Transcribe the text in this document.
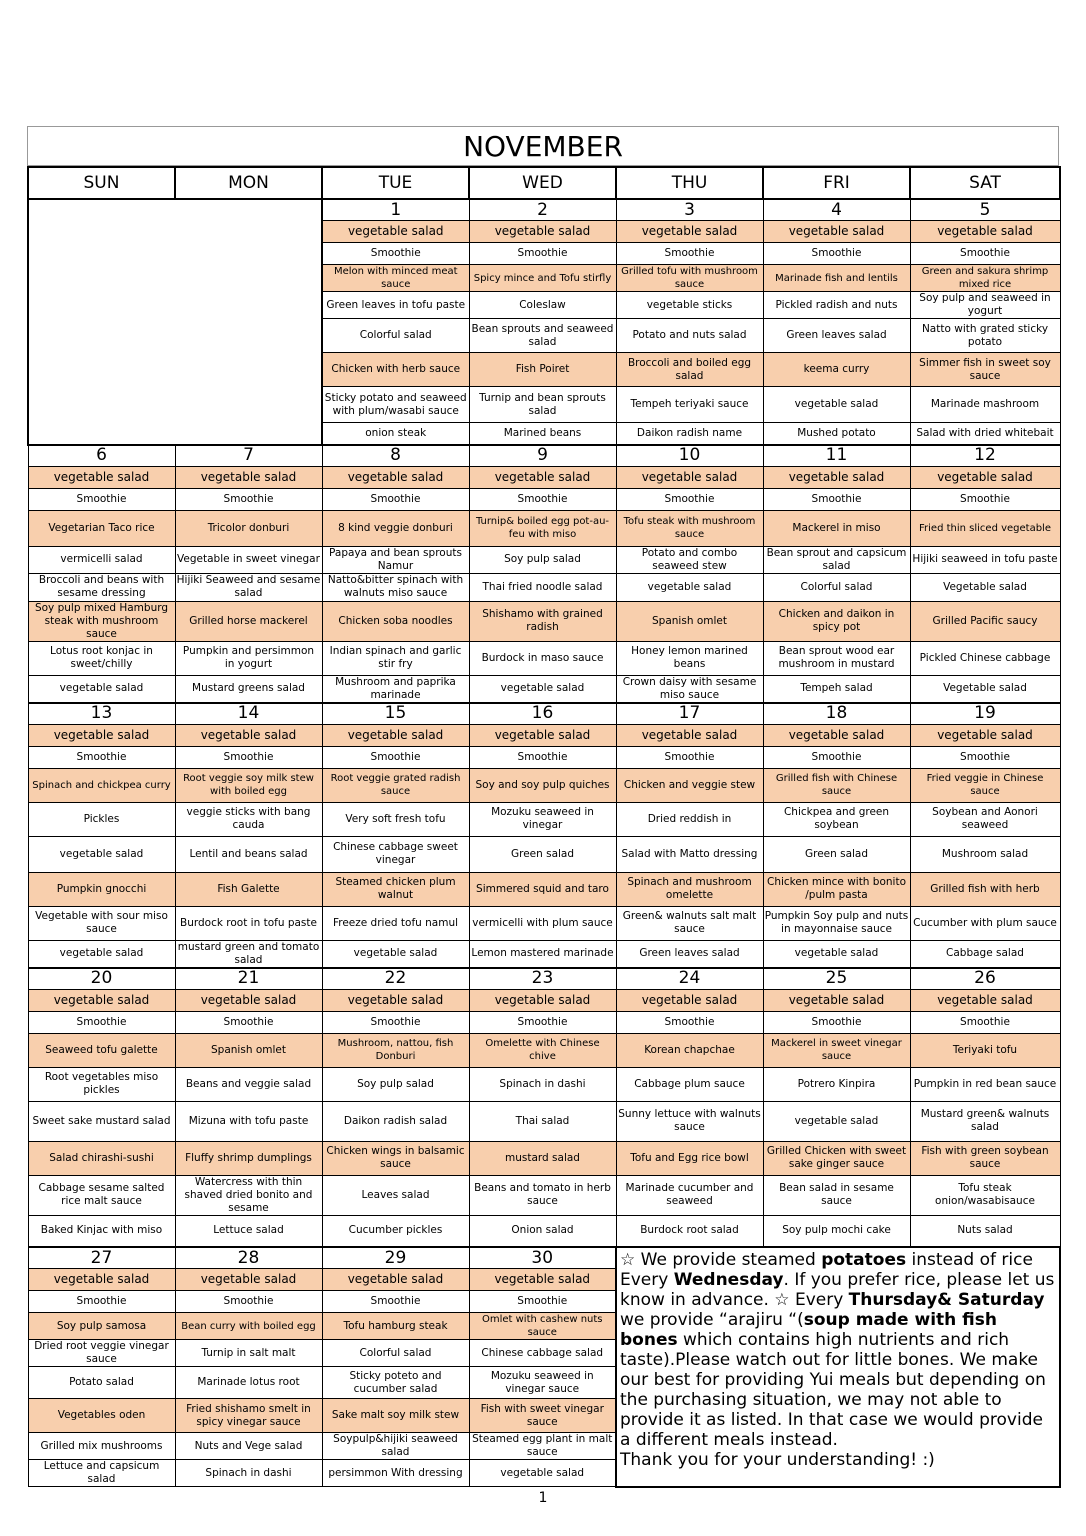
NOVEMBER
SUN	MON	TUE	WED	THU	FRI	SAT
		1	2	3	4	5
		vegetable salad	vegetable salad	vegetable salad	vegetable salad	vegetable salad
		Smoothie	Smoothie	Smoothie	Smoothie	Smoothie
		Melon with minced meat sauce	Spicy mince and Tofu stirfly	Grilled tofu with mushroom sauce	Marinade fish and lentils	Green and sakura shrimp mixed rice
		Green leaves in tofu paste	Coleslaw	vegetable sticks	Pickled radish and nuts	Soy pulp and seaweed in yogurt
		Colorful salad	Bean sprouts and seaweed salad	Potato and nuts salad	Green leaves salad	Natto with grated sticky potato
		Chicken with herb sauce	Fish Poiret	Broccoli and boiled egg salad	keema curry	Simmer fish in sweet soy sauce
		Sticky potato and seaweed with plum/wasabi sauce	Turnip and bean sprouts salad	Tempeh teriyaki sauce	vegetable salad	Marinade mashroom
		onion steak	Marined beans	Daikon radish name	Mushed potato	Salad with dried whitebait
6	7	8	9	10	11	12
vegetable salad	vegetable salad	vegetable salad	vegetable salad	vegetable salad	vegetable salad	vegetable salad
Smoothie	Smoothie	Smoothie	Smoothie	Smoothie	Smoothie	Smoothie
Vegetarian Taco rice	Tricolor donburi	8 kind veggie donburi	Turnip& boiled egg pot-au-feu with miso	Tofu steak with mushroom sauce	Mackerel in miso	Fried thin sliced vegetable
vermicelli salad	Vegetable in sweet vinegar	Papaya and bean sprouts Namur	Soy pulp salad	Potato and combo seaweed stew	Bean sprout and capsicum salad	Hijiki seaweed in tofu paste
Broccoli and beans with sesame dressing	Hijiki Seaweed and sesame salad	Natto&bitter spinach with walnuts miso sauce	Thai fried noodle salad	vegetable salad	Colorful salad	Vegetable salad
Soy pulp mixed Hamburg steak with mushroom sauce	Grilled horse mackerel	Chicken soba noodles	Shishamo with grained radish	Spanish omlet	Chicken and daikon in spicy pot	Grilled Pacific saucy
Lotus root konjac in sweet/chilly	Pumpkin and persimmon in yogurt	Indian spinach and garlic stir fry	Burdock in maso sauce	Honey lemon marined beans	Bean sprout wood ear mushroom in mustard	Pickled Chinese cabbage
vegetable salad	Mustard greens salad	Mushroom and paprika marinade	vegetable salad	Crown daisy with sesame miso sauce	Tempeh salad	Vegetable salad
13	14	15	16	17	18	19
vegetable salad	vegetable salad	vegetable salad	vegetable salad	vegetable salad	vegetable salad	vegetable salad
Smoothie	Smoothie	Smoothie	Smoothie	Smoothie	Smoothie	Smoothie
Spinach and chickpea curry	Root veggie soy milk stew with boiled egg	Root veggie grated radish sauce	Soy and soy pulp quiches	Chicken and veggie stew	Grilled fish with Chinese sauce	Fried veggie in Chinese sauce
Pickles	veggie sticks with bang cauda	Very soft fresh tofu	Mozuku seaweed in vinegar	Dried reddish in	Chickpea and green soybean	Soybean and Aonori seaweed
vegetable salad	Lentil and beans salad	Chinese cabbage sweet vinegar	Green salad	Salad with Matto dressing	Green salad	Mushroom salad
Pumpkin gnocchi	Fish Galette	Steamed chicken plum walnut	Simmered squid and taro	Spinach and mushroom omelette	Chicken mince with bonito /pulm pasta	Grilled fish with herb
Vegetable with sour miso sauce	Burdock root in tofu paste	Freeze dried tofu namul	vermicelli with plum sauce	Green& walnuts salt malt sauce	Pumpkin Soy pulp and nuts in mayonnaise sauce	Cucumber with plum sauce
vegetable salad	mustard green and tomato salad	vegetable salad	Lemon mastered marinade	Green leaves salad	vegetable salad	Cabbage salad
20	21	22	23	24	25	26
vegetable salad	vegetable salad	vegetable salad	vegetable salad	vegetable salad	vegetable salad	vegetable salad
Smoothie	Smoothie	Smoothie	Smoothie	Smoothie	Smoothie	Smoothie
Seaweed tofu galette	Spanish omlet	Mushroom, nattou, fish Donburi	Omelette with Chinese chive	Korean chapchae	Mackerel in sweet vinegar sauce	Teriyaki tofu
Root vegetables miso pickles	Beans and veggie salad	Soy pulp salad	Spinach in dashi	Cabbage plum sauce	Potrero Kinpira	Pumpkin in red bean sauce
Sweet sake mustard salad	Mizuna with tofu paste	Daikon radish salad	Thai salad	Sunny lettuce with walnuts sauce	vegetable salad	Mustard green& walnuts salad
Salad chirashi-sushi	Fluffy shrimp dumplings	Chicken wings in balsamic sauce	mustard salad	Tofu and Egg rice bowl	Grilled Chicken with sweet sake ginger sauce	Fish with green soybean sauce
Cabbage sesame salted rice malt sauce	Watercress with thin shaved dried bonito and sesame	Leaves salad	Beans and tomato in herb sauce	Marinade cucumber and seaweed	Bean salad in sesame sauce	Tofu steak onion/wasabisauce
Baked Kinjac with miso	Lettuce salad	Cucumber pickles	Onion salad	Burdock root salad	Soy pulp mochi cake	Nuts salad
27	28	29	30	☆ We provide steamed potatoes instead of rice Every Wednesday. If you prefer rice, please let us know in advance. ☆ Every Thursday& Saturday we provide “arajiru “(soup made with fish bones which contains high nutrients and rich taste).Please watch out for little bones. We make our best for providing Yui meals but depending on the purchasing situation, we may not able to provide it as listed. In that case we would provide a different meals instead.
Thank you for your understanding! :)		
vegetable salad	vegetable salad	vegetable salad	vegetable salad			
Smoothie	Smoothie	Smoothie	Smoothie			
Soy pulp samosa	Bean curry with boiled egg	Tofu hamburg steak	Omlet with cashew nuts sauce			
Dried root veggie vinegar sauce	Turnip in salt malt	Colorful salad	Chinese cabbage salad			
Potato salad	Marinade lotus root	Sticky poteto and cucumber salad	Mozuku seaweed in vinegar sauce			
Vegetables oden	Fried shishamo smelt in spicy vinegar sauce	Sake malt soy milk stew	Fish with sweet vinegar sauce			
Grilled mix mushrooms	Nuts and Vege salad	Soypulp&hijiki seaweed salad	Steamed egg plant in malt sauce			
Lettuce and capsicum salad	Spinach in dashi	persimmon With dressing	vegetable salad			
1
